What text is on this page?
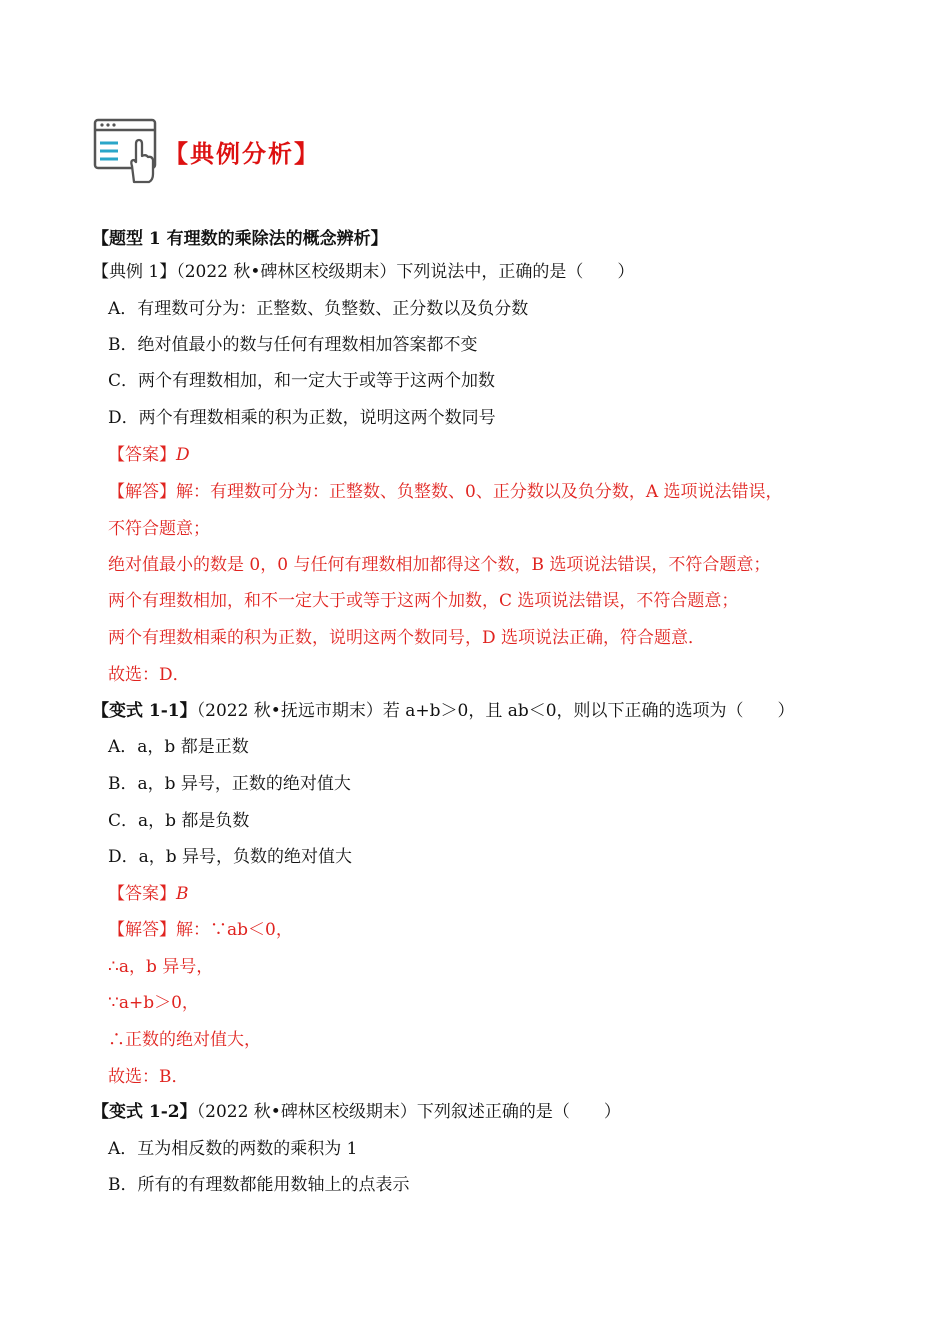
【典例分析】
【题型 1 有理数的乘除法的概念辨析】
【典例 1】（2022 秋•碑林区校级期末）下列说法中，正确的是（　　）
A．有理数可分为：正整数、负整数、正分数以及负分数
B．绝对值最小的数与任何有理数相加答案都不变
C．两个有理数相加，和一定大于或等于这两个加数
D．两个有理数相乘的积为正数，说明这两个数同号
【答案】D
【解答】解：有理数可分为：正整数、负整数、0、正分数以及负分数，A 选项说法错误，
不符合题意；
绝对值最小的数是 0，0 与任何有理数相加都得这个数，B 选项说法错误，不符合题意；
两个有理数相加，和不一定大于或等于这两个加数，C 选项说法错误，不符合题意；
两个有理数相乘的积为正数，说明这两个数同号，D 选项说法正确，符合题意．
故选：D．
【变式 1-1】（2022 秋•抚远市期末）若 a+b＞0，且 ab＜0，则以下正确的选项为（　　）
A．a，b 都是正数
B．a，b 异号，正数的绝对值大
C．a，b 都是负数
D．a，b 异号，负数的绝对值大
【答案】B
【解答】解：∵ab＜0，
∴a，b 异号，
∵a+b＞0，
∴正数的绝对值大，
故选：B．
【变式 1-2】（2022 秋•碑林区校级期末）下列叙述正确的是（　　）
A．互为相反数的两数的乘积为 1
B．所有的有理数都能用数轴上的点表示
